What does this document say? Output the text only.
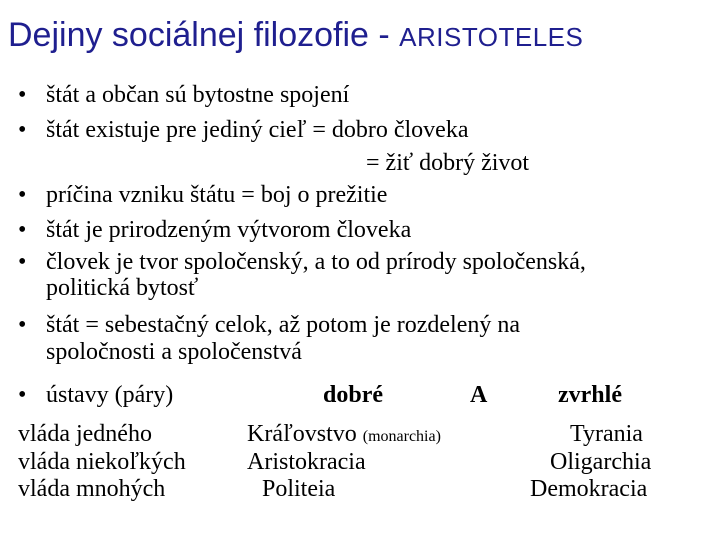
Dejiny sociálnej filozofie - ARISTOTELES
• štát a občan sú bytostne spojení
• štát existuje pre jediný cieľ = dobro človeka
= žiť dobrý život
• príčina vzniku štátu = boj o prežitie
• štát je prirodzeným výtvorom človeka
• človek je tvor spoločenský, a to od prírody spoločenská,
politická bytosť
• štát = sebestačný celok, až potom je rozdelený na
spoločnosti a spoločenstvá
• ústavy (páry)	dobré	A	zvrhlé
vláda jedného	Kráľovstvo (monarchia)	Tyrania
vláda niekoľkých	Aristokracia	Oligarchia
vláda mnohých	Politeia	Demokracia
